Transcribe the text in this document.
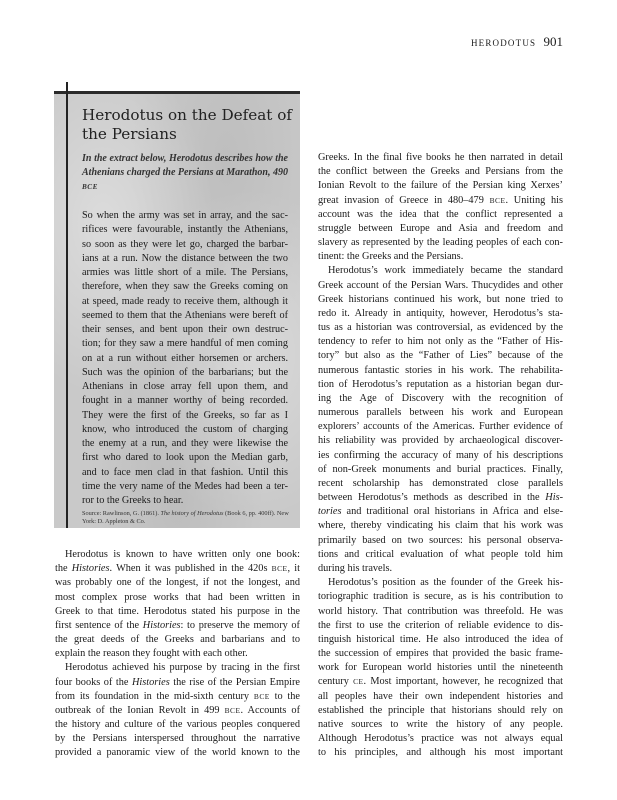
herodotus 901
Herodotus on the Defeat of the Persians
In the extract below, Herodotus describes how the
Athenians charged the Persians at Marathon, 490
BCE
So when the army was set in array, and the sac-
rifices were favourable, instantly the Athenians,
so soon as they were let go, charged the barbar-
ians at a run. Now the distance between the two
armies was little short of a mile. The Persians,
therefore, when they saw the Greeks coming on
at speed, made ready to receive them, although it
seemed to them that the Athenians were bereft of
their senses, and bent upon their own destruc-
tion; for they saw a mere handful of men coming
on at a run without either horsemen or archers.
Such was the opinion of the barbarians; but the
Athenians in close array fell upon them, and
fought in a manner worthy of being recorded.
They were the first of the Greeks, so far as I
know, who introduced the custom of charging
the enemy at a run, and they were likewise the
first who dared to look upon the Median garb,
and to face men clad in that fashion. Until this
time the very name of the Medes had been a ter-
ror to the Greeks to hear.
Source: Rawlinson, G. (1861). The history of Herodotus (Book 6, pp. 400ff). New
York: D. Appleton & Co.
Herodotus is known to have written only one book:
the Histories. When it was published in the 420s BCE, it
was probably one of the longest, if not the longest, and
most complex prose works that had been written in
Greek to that time. Herodotus stated his purpose in the
first sentence of the Histories: to preserve the memory of
the great deeds of the Greeks and barbarians and to
explain the reason they fought with each other.
Herodotus achieved his purpose by tracing in the first
four books of the Histories the rise of the Persian Empire
from its foundation in the mid-sixth century BCE to the
outbreak of the Ionian Revolt in 499 BCE. Accounts of
the history and culture of the various peoples conquered
by the Persians interspersed throughout the narrative
provided a panoramic view of the world known to the
Greeks. In the final five books he then narrated in detail
the conflict between the Greeks and Persians from the
Ionian Revolt to the failure of the Persian king Xerxes’
great invasion of Greece in 480–479 BCE. Uniting his
account was the idea that the conflict represented a
struggle between Europe and Asia and freedom and
slavery as represented by the leading peoples of each con-
tinent: the Greeks and the Persians.
Herodotus’s work immediately became the standard
Greek account of the Persian Wars. Thucydides and other
Greek historians continued his work, but none tried to
redo it. Already in antiquity, however, Herodotus’s sta-
tus as a historian was controversial, as evidenced by the
tendency to refer to him not only as the “Father of His-
tory” but also as the “Father of Lies” because of the
numerous fantastic stories in his work. The rehabilita-
tion of Herodotus’s reputation as a historian began dur-
ing the Age of Discovery with the recognition of
numerous parallels between his work and European
explorers’ accounts of the Americas. Further evidence of
his reliability was provided by archaeological discover-
ies confirming the accuracy of many of his descriptions
of non-Greek monuments and burial practices. Finally,
recent scholarship has demonstrated close parallels
between Herodotus’s methods as described in the His-
tories and traditional oral historians in Africa and else-
where, thereby vindicating his claim that his work was
primarily based on two sources: his personal observa-
tions and critical evaluation of what people told him
during his travels.
Herodotus’s position as the founder of the Greek his-
toriographic tradition is secure, as is his contribution to
world history. That contribution was threefold. He was
the first to use the criterion of reliable evidence to dis-
tinguish historical time. He also introduced the idea of
the succession of empires that provided the basic frame-
work for European world histories until the nineteenth
century CE. Most important, however, he recognized that
all peoples have their own independent histories and
established the principle that historians should rely on
native sources to write the history of any people.
Although Herodotus’s practice was not always equal
to his principles, and although his most important
